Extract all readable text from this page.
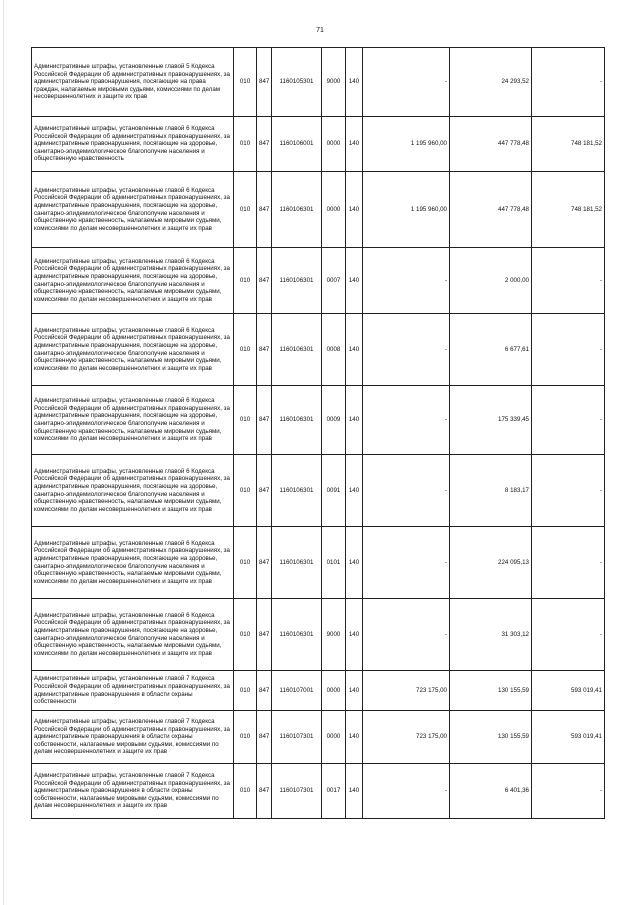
71
Административные штрафы, установленные главой 5 Кодекса Российской Федерации об административных правонарушениях, за административные правонарушения, посягающие на права граждан, налагаемые мировыми судьями, комиссиями по делам несовершеннолетних и защите их прав	010	847	1160105301	9000	140	-	24 293,52	-
Административные штрафы, установленные главой 6 Кодекса Российской Федерации об административных правонарушениях, за административные правонарушения, посягающие на здоровье, санитарно-эпидемиологическое благополучие населения и общественную нравственность	010	847	1160106001	0000	140	1 195 960,00	447 778,48	748 181,52
Административные штрафы, установленные главой 6 Кодекса Российской Федерации об административных правонарушениях, за административные правонарушения, посягающие на здоровье, санитарно-эпидемиологическое благополучие населения и общественную нравственность, налагаемые мировыми судьями, комиссиями по делам несовершеннолетних и защите их прав	010	847	1160106301	0000	140	1 195 960,00	447 778,48	748 181,52
Административные штрафы, установленные главой 6 Кодекса Российской Федерации об административных правонарушениях, за административные правонарушения, посягающие на здоровье, санитарно-эпидемиологическое благополучие населения и общественную нравственность, налагаемые мировыми судьями, комиссиями по делам несовершеннолетних и защите их прав	010	847	1160106301	0007	140	-	2 000,00	-
Административные штрафы, установленные главой 6 Кодекса Российской Федерации об административных правонарушениях, за административные правонарушения, посягающие на здоровье, санитарно-эпидемиологическое благополучие населения и общественную нравственность, налагаемые мировыми судьями, комиссиями по делам несовершеннолетних и защите их прав	010	847	1160106301	0008	140	-	6 677,61	-
Административные штрафы, установленные главой 6 Кодекса Российской Федерации об административных правонарушениях, за административные правонарушения, посягающие на здоровье, санитарно-эпидемиологическое благополучие населения и общественную нравственность, налагаемые мировыми судьями, комиссиями по делам несовершеннолетних и защите их прав	010	847	1160106301	0009	140	-	175 339,45	-
Административные штрафы, установленные главой 6 Кодекса Российской Федерации об административных правонарушениях, за административные правонарушения, посягающие на здоровье, санитарно-эпидемиологическое благополучие населения и общественную нравственность, налагаемые мировыми судьями, комиссиями по делам несовершеннолетних и защите их прав	010	847	1160106301	0091	140	-	8 183,17	-
Административные штрафы, установленные главой 6 Кодекса Российской Федерации об административных правонарушениях, за административные правонарушения, посягающие на здоровье, санитарно-эпидемиологическое благополучие населения и общественную нравственность, налагаемые мировыми судьями, комиссиями по делам несовершеннолетних и защите их прав	010	847	1160106301	0101	140	-	224 095,13	-
Административные штрафы, установленные главой 6 Кодекса Российской Федерации об административных правонарушениях, за административные правонарушения, посягающие на здоровье, санитарно-эпидемиологическое благополучие населения и общественную нравственность, налагаемые мировыми судьями, комиссиями по делам несовершеннолетних и защите их прав	010	847	1160106301	9000	140	-	31 303,12	-
Административные штрафы, установленные главой 7 Кодекса Российской Федерации об административных правонарушениях, за административные правонарушения в области охраны собственности	010	847	1160107001	0000	140	723 175,00	130 155,59	593 019,41
Административные штрафы, установленные главой 7 Кодекса Российской Федерации об административных правонарушениях, за административные правонарушения в области охраны собственности, налагаемые мировыми судьями, комиссиями по делам несовершеннолетних и защите их прав	010	847	1160107301	0000	140	723 175,00	130 155,59	593 019,41
Административные штрафы, установленные главой 7 Кодекса Российской Федерации об административных правонарушениях, за административные правонарушения в области охраны собственности, налагаемые мировыми судьями, комиссиями по делам несовершеннолетних и защите их прав	010	847	1160107301	0017	140	-	6 401,36	-
